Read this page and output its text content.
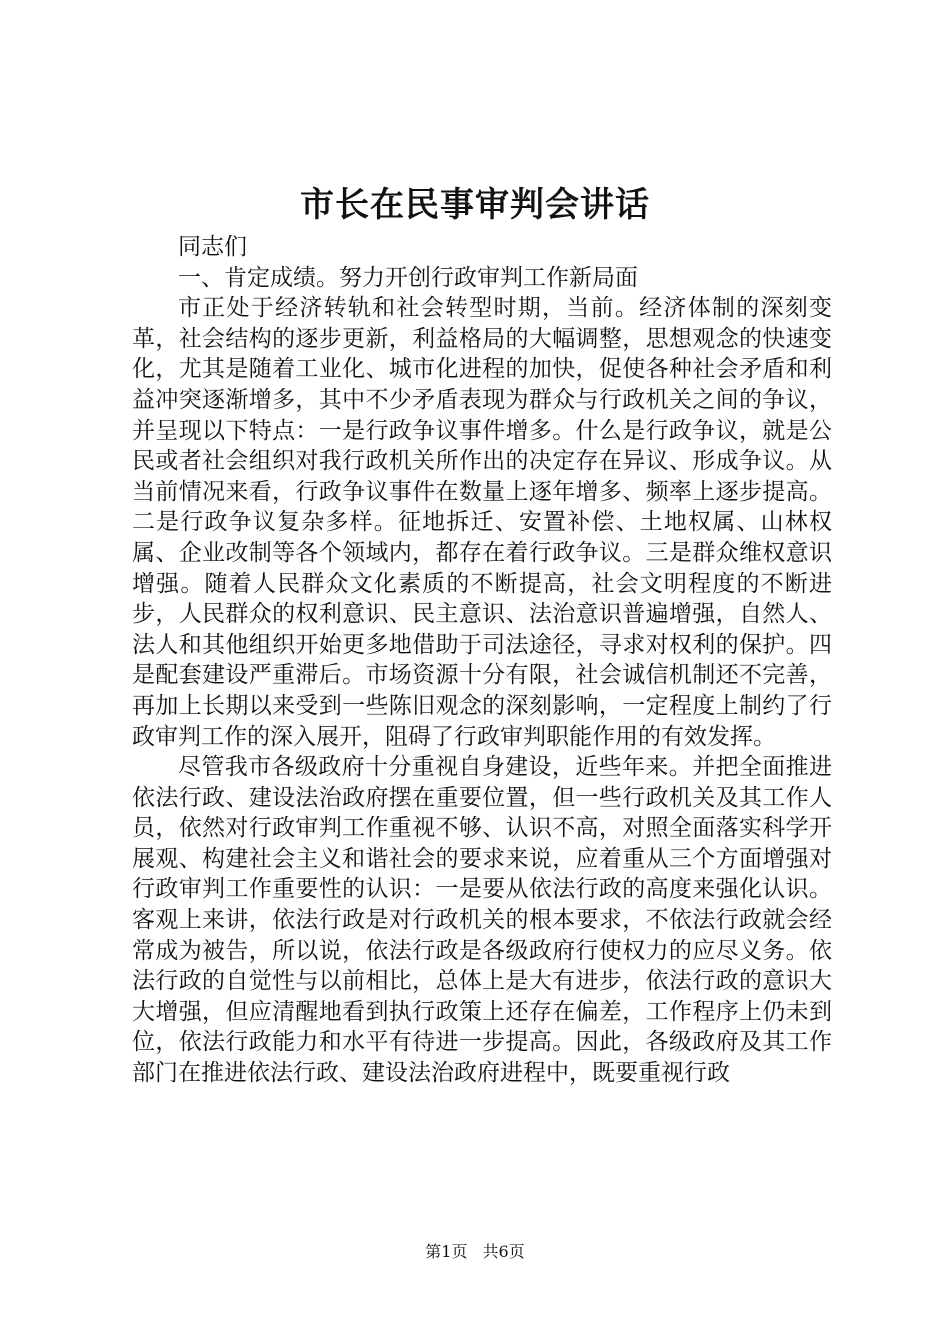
市长在民事审判会讲话

同志们

一、肯定成绩。努力开创行政审判工作新局面

市正处于经济转轨和社会转型时期，当前。经济体制的深刻变革，社会结构的逐步更新，利益格局的大幅调整，思想观念的快速变化，尤其是随着工业化、城市化进程的加快，促使各种社会矛盾和利益冲突逐渐增多，其中不少矛盾表现为群众与行政机关之间的争议，并呈现以下特点：一是行政争议事件增多。什么是行政争议，就是公民或者社会组织对我行政机关所作出的决定存在异议、形成争议。从当前情况来看，行政争议事件在数量上逐年增多、频率上逐步提高。二是行政争议复杂多样。征地拆迁、安置补偿、土地权属、山林权属、企业改制等各个领域内，都存在着行政争议。三是群众维权意识增强。随着人民群众文化素质的不断提高，社会文明程度的不断进步，人民群众的权利意识、民主意识、法治意识普遍增强，自然人、法人和其他组织开始更多地借助于司法途径，寻求对权利的保护。四是配套建设严重滞后。市场资源十分有限，社会诚信机制还不完善，再加上长期以来受到一些陈旧观念的深刻影响，一定程度上制约了行政审判工作的深入展开，阻碍了行政审判职能作用的有效发挥。

尽管我市各级政府十分重视自身建设，近些年来。并把全面推进依法行政、建设法治政府摆在重要位置，但一些行政机关及其工作人员，依然对行政审判工作重视不够、认识不高，对照全面落实科学开展观、构建社会主义和谐社会的要求来说，应着重从三个方面增强对行政审判工作重要性的认识：一是要从依法行政的高度来强化认识。客观上来讲，依法行政是对行政机关的根本要求，不依法行政就会经常成为被告，所以说，依法行政是各级政府行使权力的应尽义务。依法行政的自觉性与以前相比，总体上是大有进步，依法行政的意识大大增强，但应清醒地看到执行政策上还存在偏差，工作程序上仍未到位，依法行政能力和水平有待进一步提高。因此，各级政府及其工作部门在推进依法行政、建设法治政府进程中，既要重视行政

第1页 共6页
